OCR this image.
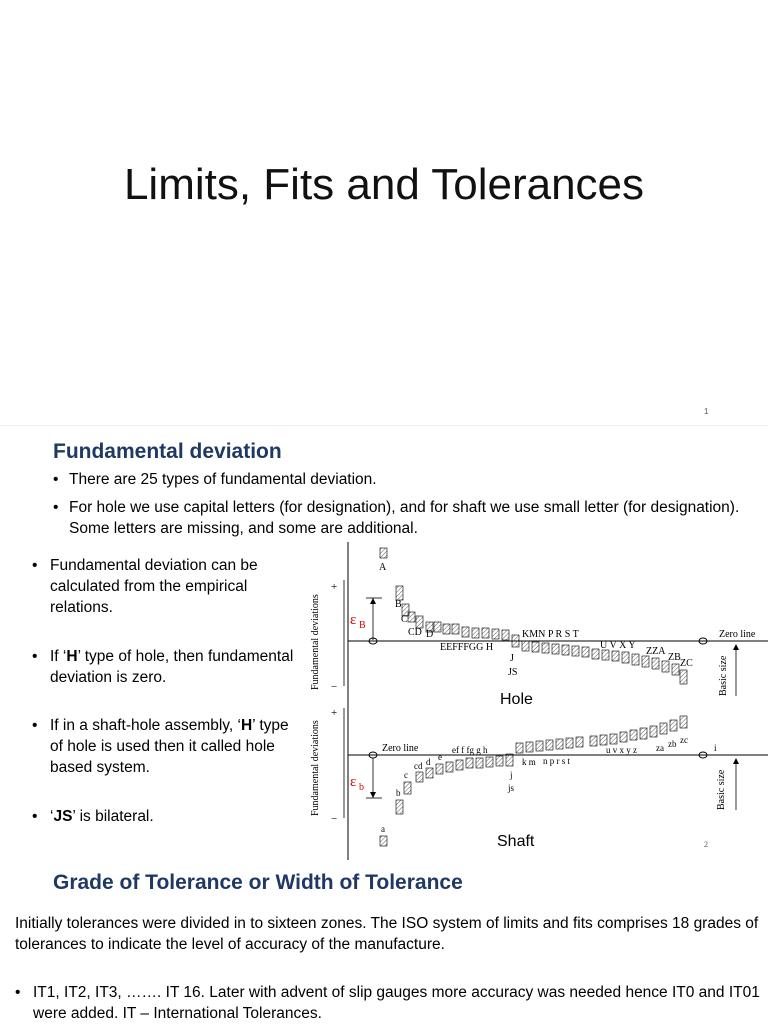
Limits, Fits and Tolerances
1
Fundamental deviation
• There are 25 types of fundamental deviation.
• For hole we use capital letters (for designation), and for shaft we use small letter (for designation). Some letters are missing, and some are additional.
• Fundamental deviation can be calculated from the empirical relations.
• If ‘H’ type of hole, then fundamental deviation is zero.
• If in a shaft-hole assembly, ‘H’ type of hole is used then it called hole based system.
• ‘JS’ is bilateral.
Fundamental deviations
+
−
Zero line
ε B
Basic size
A
B
C
CD D
EEFFFGG H
KMN P R S T
J
JS
U V X Y
ZZA
ZB
ZC
Hole
Fundamental deviations
+
−
Zero line	i
ε b	Basic size
a
b
c
cd d e
ef f fg g h
j
js
k m n p r s t
u v x y z za zb zc
Shaft	2
Grade of Tolerance or Width of Tolerance
Initially tolerances were divided in to sixteen zones. The ISO system of limits and fits comprises 18 grades of tolerances to indicate the level of accuracy of the manufacture.
• IT1, IT2, IT3, ……. IT 16. Later with advent of slip gauges more accuracy was needed hence IT0 and IT01 were added. IT – International Tolerances.
